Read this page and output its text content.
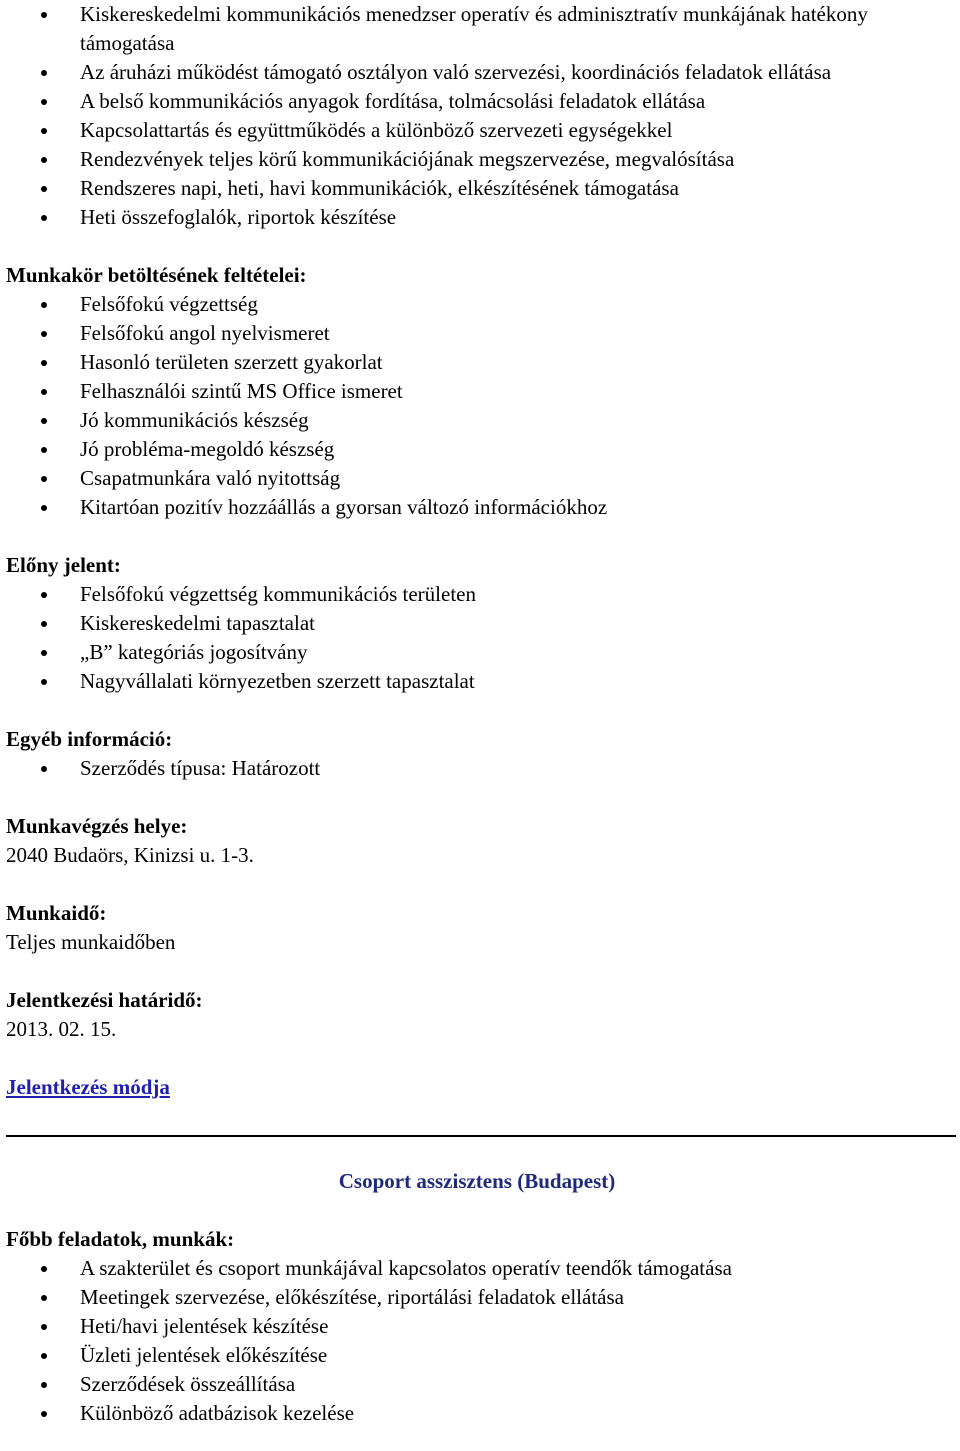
Kiskereskedelmi kommunikációs menedzser operatív és adminisztratív munkájának hatékony támogatása
Az áruházi működést támogató osztályon való szervezési, koordinációs feladatok ellátása
A belső kommunikációs anyagok fordítása, tolmácsolási feladatok ellátása
Kapcsolattartás és együttműködés a különböző szervezeti egységekkel
Rendezvények teljes körű kommunikációjának megszervezése, megvalósítása
Rendszeres napi, heti, havi kommunikációk, elkészítésének támogatása
Heti összefoglalók, riportok készítése
Munkakör betöltésének feltételei:
Felsőfokú végzettség
Felsőfokú angol nyelvismeret
Hasonló területen szerzett gyakorlat
Felhasználói szintű MS Office ismeret
Jó kommunikációs készség
Jó probléma-megoldó készség
Csapatmunkára való nyitottság
Kitartóan pozitív hozzáállás a gyorsan változó információkhoz
Előny jelent:
Felsőfokú végzettség kommunikációs területen
Kiskereskedelmi tapasztalat
„B” kategóriás jogosítvány
Nagyvállalati környezetben szerzett tapasztalat
Egyéb információ:
Szerződés típusa: Határozott
Munkavégzés helye:
2040 Budaörs, Kinizsi u. 1-3.
Munkaidő:
Teljes munkaidőben
Jelentkezési határidő:
2013. 02. 15.
Jelentkezés módja
Csoport asszisztens (Budapest)
Főbb feladatok, munkák:
A szakterület és csoport munkájával kapcsolatos operatív teendők támogatása
Meetingek szervezése, előkészítése, riportálási feladatok ellátása
Heti/havi jelentések készítése
Üzleti jelentések előkészítése
Szerződések összeállítása
Különböző adatbázisok kezelése
